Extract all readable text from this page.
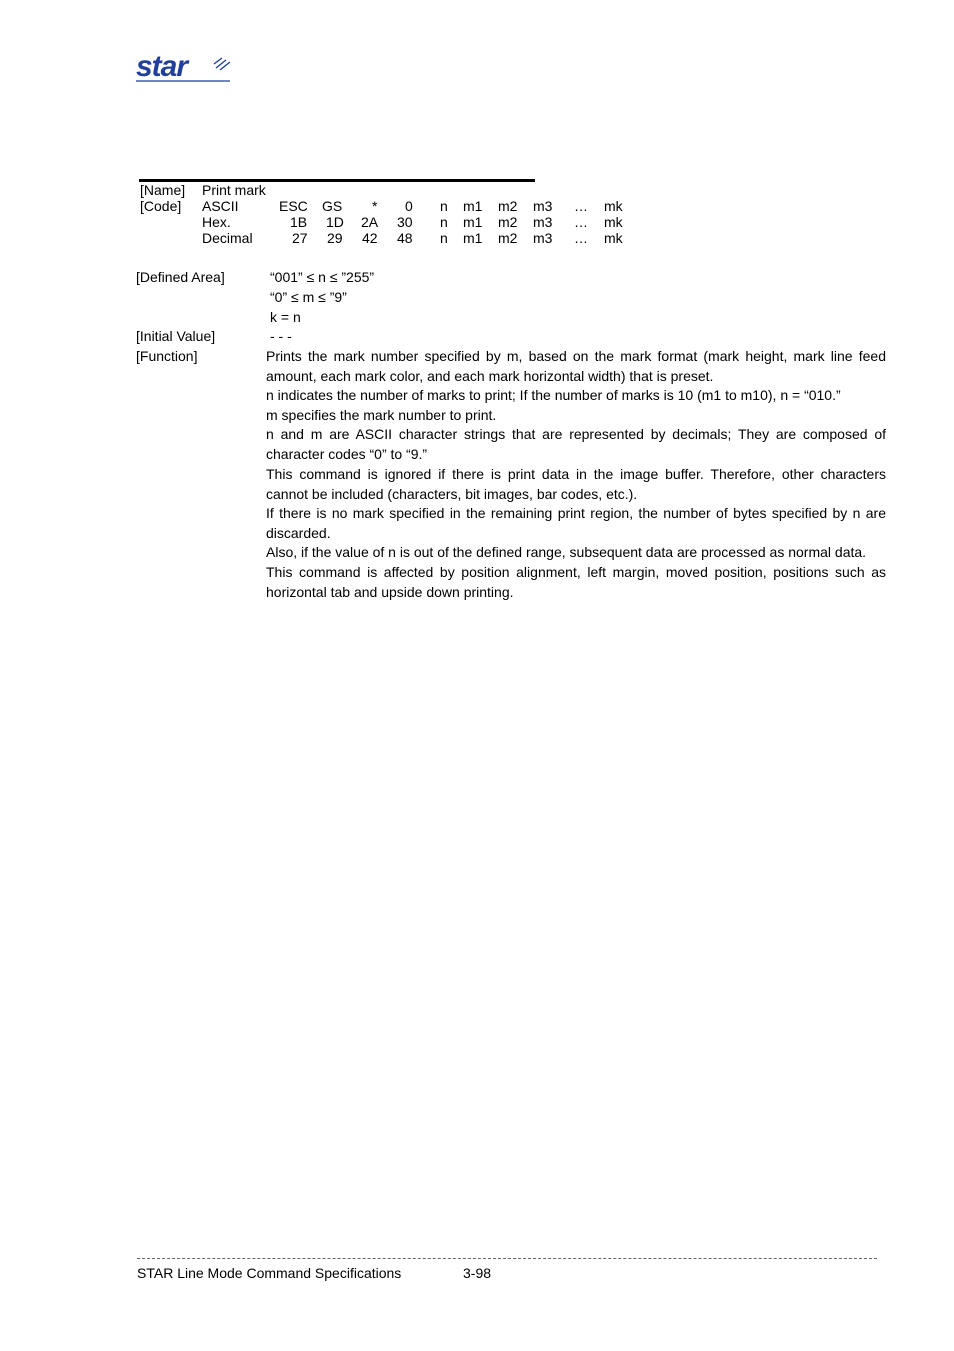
star
[Name] Print mark
[Code] ASCII	ESC GS * 0 n m1 m2 m3 … mk
Hex.	1B 1D 2A 30 n m1 m2 m3 … mk
Decimal	27 29 42 48 n m1 m2 m3 … mk
[Defined Area]	“001” ≤ n ≤ ”255”
“0” ≤ m ≤ ”9”
k = n
[Initial Value]	- - -
[Function]	Prints the mark number specified by m, based on the mark format (mark height, mark line feed amount, each mark color, and each mark horizontal width) that is preset.
n indicates the number of marks to print; If the number of marks is 10 (m1 to m10), n = “010.”
m specifies the mark number to print.
n and m are ASCII character strings that are represented by decimals; They are composed of character codes “0” to “9.”
This command is ignored if there is print data in the image buffer. Therefore, other characters cannot be included (characters, bit images, bar codes, etc.).
If there is no mark specified in the remaining print region, the number of bytes specified by n are discarded.
Also, if the value of n is out of the defined range, subsequent data are processed as normal data.
This command is affected by position alignment, left margin, moved position, positions such as horizontal tab and upside down printing.
STAR Line Mode Command Specifications	3-98
